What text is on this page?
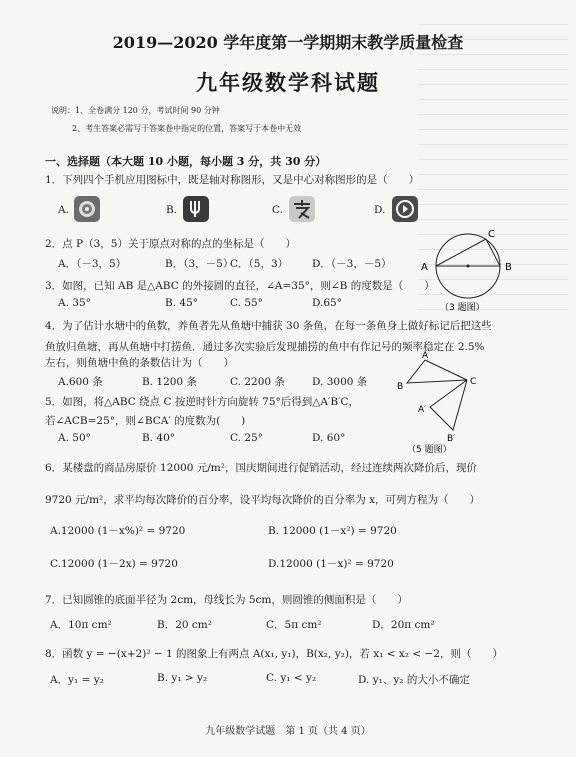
2019—2020 学年度第一学期期末教学质量检查
九年级数学科试题
说明：1、全卷满分 120 分，考试时间 90 分钟
2、考生答案必需写于答案卷中指定的位置，答案写于本卷中无效
一、选择题（本大题 10 小题，每小题 3 分，共 30 分）
1．下列四个手机应用图标中，既是轴对称图形，又是中心对称图形的是（　　）
A.	B.	C.	D.
2．点 P（3，5）关于原点对称的点的坐标是（　　）
A．（－3，5）	B．（3，－5）
C．（5，3） D．（－3，－5）	A	B
C
（3 题图）
3．如图，已知 AB 是△ABC 的外接圆的直径，∠A=35°，则∠B 的度数是（　　）
A. 35°	B. 45°	C. 55°	D.65°
4．为了估计水塘中的鱼数，养鱼者先从鱼塘中捕获 30 条鱼，在每一条鱼身上做好标记后把这些
鱼放归鱼塘，再从鱼塘中打捞鱼．通过多次实验后发现捕捞的鱼中有作记号的频率稳定在 2.5%
左右，则鱼塘中鱼的条数估计为（　　）
A.600 条	B. 1200 条	C. 2200 条	D. 3000 条
A
B	C
A′
B′
（5 题图）
5．如图，将△ABC 绕点 C 按逆时针方向旋转 75°后得到△A′B′C，
若∠ACB=25°，则∠BCA′ 的度数为(　　)
A. 50°	B. 40°	C. 25°	D. 60°
6．某楼盘的商品房原价 12000 元/m²，国庆期间进行促销活动，经过连续两次降价后，现价
9720 元/m²，求平均每次降价的百分率，设平均每次降价的百分率为 x，可列方程为（　　）
A.12000 (1－x%)² = 9720	B. 12000 (1－x²) = 9720
C.12000 (1－2x) = 9720	D.12000 (1－x)² = 9720
7．已知圆锥的底面半径为 2cm，母线长为 5cm，则圆锥的侧面积是（　　）
A．10π cm²	B．20 cm²	C．5π cm²	D．20π cm²
8．函数 y = −(x+2)² − 1 的图象上有两点 A(x₁, y₁)，B(x₂, y₂)，若 x₁ < x₂ < −2，则（　　）
A．y₁ = y₂	B. y₁ > y₂	C. y₁ < y₂	D. y₁、y₂ 的大小不确定
九年级数学试题　第 1 页（共 4 页）
